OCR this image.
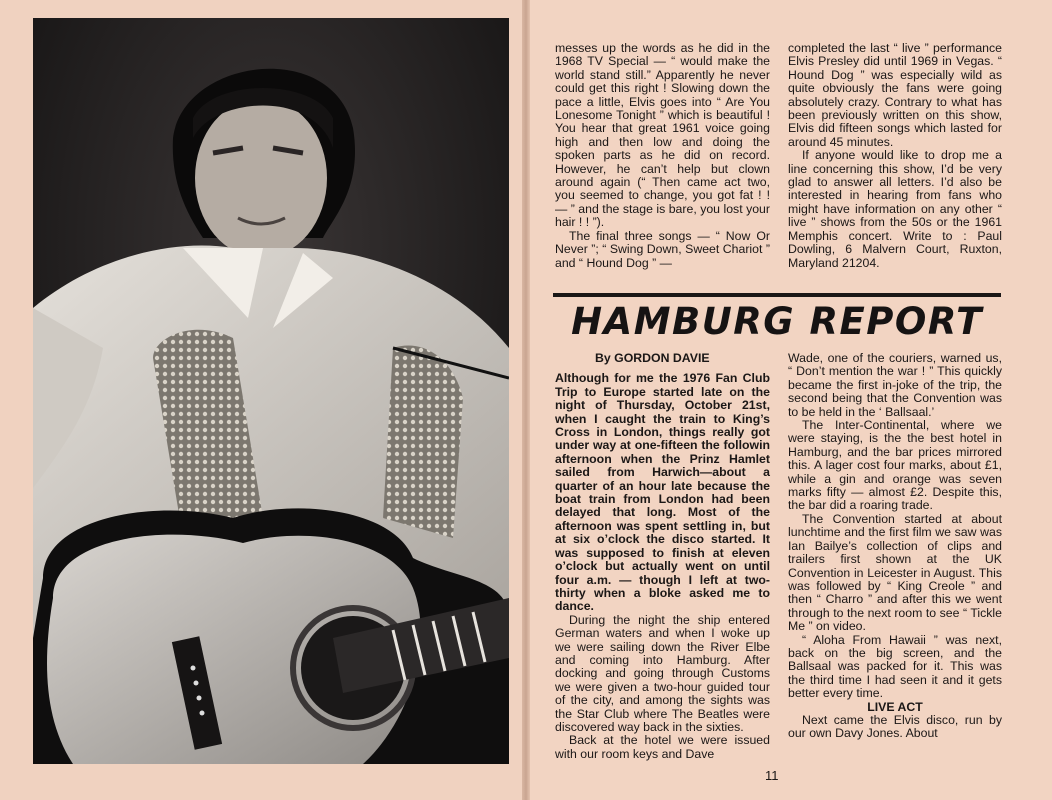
messes up the words as he did in the 1968 TV Special — “ would make the world stand still.” Apparently he never could get this right ! Slowing down the pace a little, Elvis goes into “ Are You Lonesome Tonight ” which is beautiful ! You hear that great 1961 voice going high and then low and doing the spoken parts as he did on record. However, he can’t help but clown around again (“ Then came act two, you seemed to change, you got fat ! ! — ” and the stage is bare, you lost your hair ! ! ”).

The final three songs — “ Now Or Never ”; “ Swing Down, Sweet Chariot ” and “ Hound Dog ” —

completed the last “ live ” performance Elvis Presley did until 1969 in Vegas. “ Hound Dog ” was especially wild as quite obviously the fans were going absolutely crazy. Contrary to what has been previously written on this show, Elvis did fifteen songs which lasted for around 45 minutes.

If anyone would like to drop me a line concerning this show, I’d be very glad to answer all letters. I’d also be interested in hearing from fans who might have information on any other “ live ” shows from the 50s or the 1961 Memphis concert. Write to : Paul Dowling, 6 Malvern Court, Ruxton, Maryland 21204.

HAMBURG REPORT

By GORDON DAVIE

Although for me the 1976 Fan Club Trip to Europe started late on the night of Thursday, October 21st, when I caught the train to King’s Cross in London, things really got under way at one-fifteen the followin afternoon when the Prinz Hamlet sailed from Harwich—about a quarter of an hour late because the boat train from London had been delayed that long. Most of the afternoon was spent settling in, but at six o’clock the disco started. It was supposed to finish at eleven o’clock but actually went on until four a.m. — though I left at two-thirty when a bloke asked me to dance.

During the night the ship entered German waters and when I woke up we were sailing down the River Elbe and coming into Hamburg. After docking and going through Customs we were given a two-hour guided tour of the city, and among the sights was the Star Club where The Beatles were discovered way back in the sixties.

Back at the hotel we were issued with our room keys and Dave

Wade, one of the couriers, warned us, “ Don’t mention the war ! ” This quickly became the first in-joke of the trip, the second being that the Convention was to be held in the ‘ Ballsaal.’

The Inter-Continental, where we were staying, is the the best hotel in Hamburg, and the bar prices mirrored this. A lager cost four marks, about £1, while a gin and orange was seven marks fifty — almost £2. Despite this, the bar did a roaring trade.

The Convention started at about lunchtime and the first film we saw was Ian Bailye’s collection of clips and trailers first shown at the UK Convention in Leicester in August. This was followed by “ King Creole ” and then “ Charro ” and after this we went through to the next room to see “ Tickle Me ” on video.

“ Aloha From Hawaii ” was next, back on the big screen, and the Ballsaal was packed for it. This was the third time I had seen it and it gets better every time.

LIVE ACT

Next came the Elvis disco, run by our own Davy Jones. About

11
